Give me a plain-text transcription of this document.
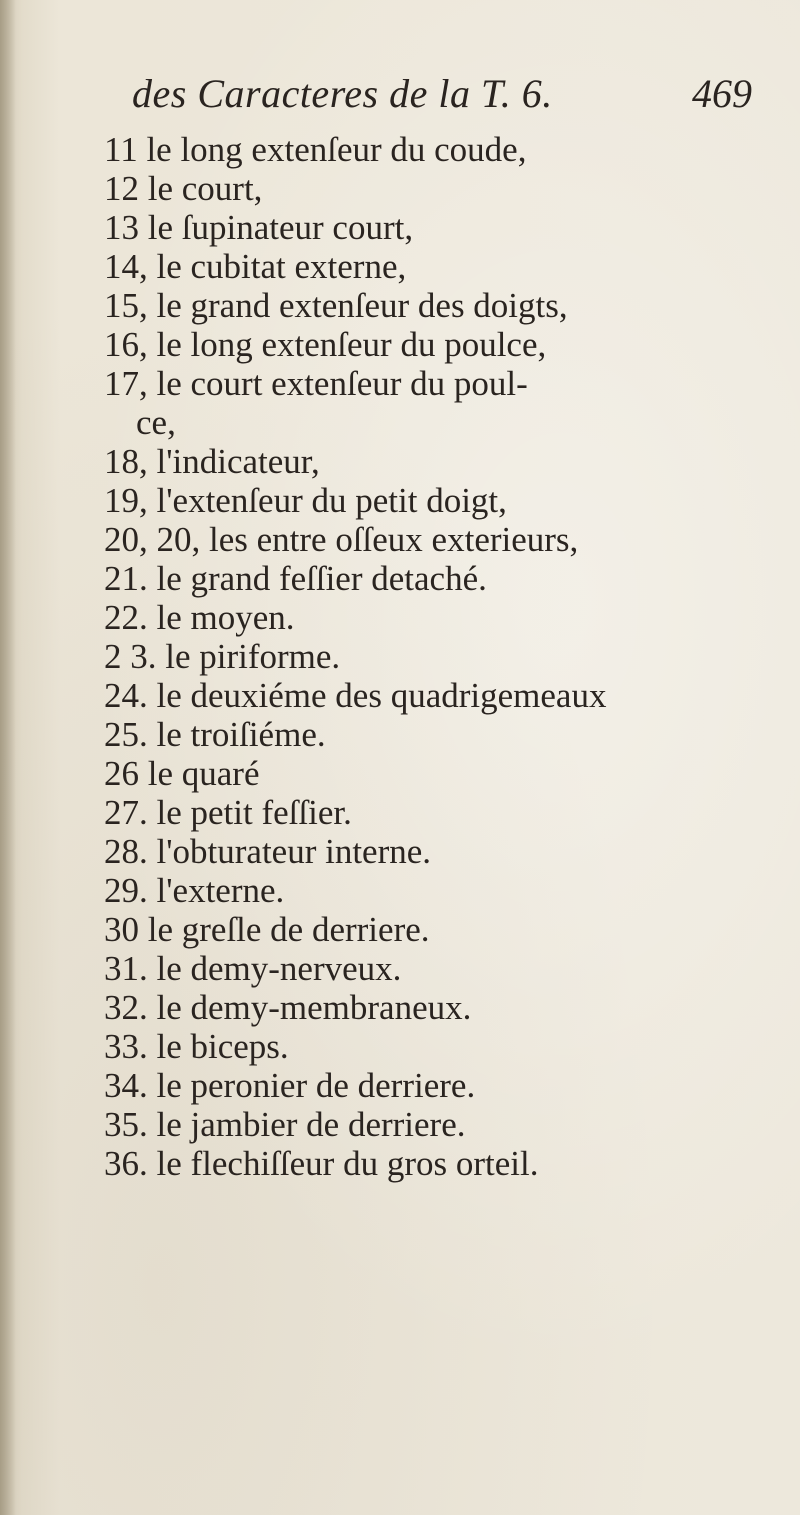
des Caracteres de la T. 6.	469
11 le long extenſeur du coude,
12 le court,
13 le ſupinateur court,
14, le cubitat externe,
15, le grand extenſeur des doigts,
16, le long extenſeur du poulce,
17, le court extenſeur du poul-
ce,
18, l'indicateur,
19, l'extenſeur du petit doigt,
20, 20, les entre oſſeux exterieurs,
21. le grand feſſier detaché.
22. le moyen.
2 3. le piriforme.
24. le deuxiéme des quadrigemeaux
25. le troiſiéme.
26 le quaré
27. le petit feſſier.
28. l'obturateur interne.
29. l'externe.
30 le greſle de derriere.
31. le demy-nerveux.
32. le demy-membraneux.
33. le biceps.
34. le peronier de derriere.
35. le jambier de derriere.
36. le flechiſſeur du gros orteil.
